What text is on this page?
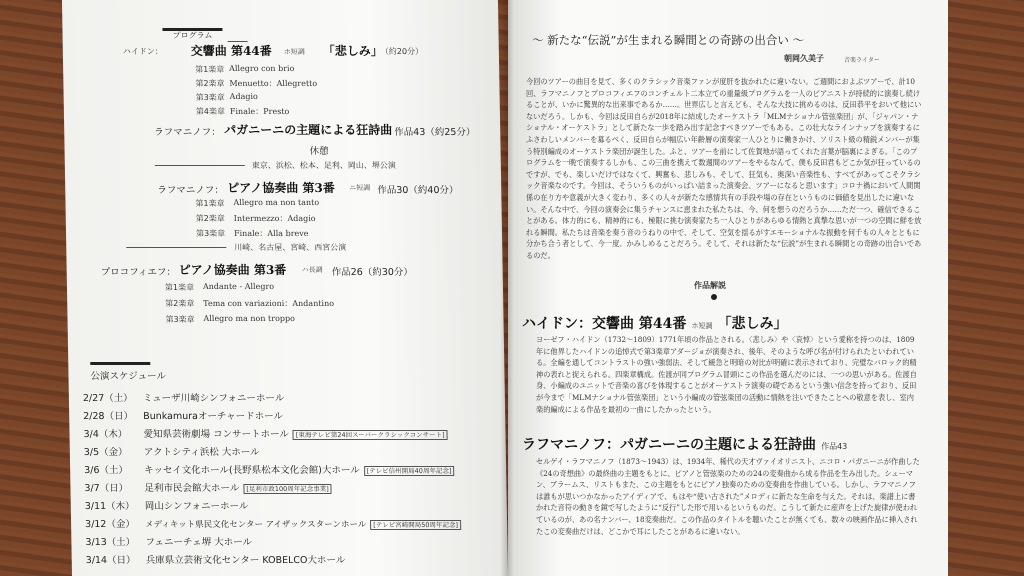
プログラム
ハイドン： 交響曲 第44番 ホ短調 「悲しみ」
（約20分）
第1楽章 Allegro con brio
第2楽章 Menuetto：Allegretto
第3楽章 Adagio
第4楽章 Finale：Presto
ラフマニノフ： パガニーニの主題による狂詩曲 作品43（約25分）
休憩
東京、浜松、松本、足利、岡山、堺公演
ラフマニノフ： ピアノ協奏曲 第3番 ニ短調 作品30（約40分）
第1楽章 Allegro ma non tanto
第2楽章 Intermezzo：Adagio
第3楽章 Finale：Alla breve
川崎、名古屋、宮崎、西宮公演
プロコフィエフ： ピアノ協奏曲 第3番 ハ長調 作品26（約30分）
第1楽章 Andante - Allegro
第2楽章 Tema con variazioni：Andantino
第3楽章 Allegro ma non troppo
公演スケジュール
2/27（土） ミューザ川崎シンフォニーホール
2/28（日） Bunkamuraオーチャードホール
3/4（木） 愛知県芸術劇場 コンサートホール [東海テレビ第24回スーパークラシックコンサート]
3/5（金） アクトシティ浜松 大ホール
3/6（土） キッセイ文化ホール(長野県松本文化会館)大ホール [テレビ信州開局40周年記念]
3/7（日） 足利市民会館大ホール [足利市政100周年記念事業]
3/11（木） 岡山シンフォニーホール
3/12（金） メディキット県民文化センター アイザックスターンホール [テレビ宮崎開局50周年記念]
3/13（土） フェニーチェ堺 大ホール
3/14（日） 兵庫県立芸術文化センター KOBELCO大ホール
～ 新たな“伝説”が生まれる瞬間との奇跡の出合い ～
朝岡久美子	音楽ライター
今回のツアーの曲目を見て、多くのクラシック音楽ファンが度肝を抜かれたに違いない。ご週間におよぶツアーで、計10回、ラフマニノフとプロコフィエフのコンチェルト二本立ての重量級プログラムを一人のピアニストが持続的に演奏し続けることが、いかに驚異的な出来事であるか……。世界広しと言えども、そんな大技に挑めるのは、反田恭平をおいて他にいないだろう。しかも、今回は反田自らが2018年に結成したオーケストラ「MLMナショナル管弦楽団」が、「ジャパン・ナショナル・オーケストラ」として新たな一歩を踏み出す記念すべきツアーでもある。この壮大なラインナップを演奏するにふさわしいメンバーを募るべく、反田自らが幅広い年齢層の演奏家一人ひとりに働きかけ、ソリスト級の精鋭メンバーが集う特別編成のオーケストラ楽団が誕生した。ふと、ツアーを前にして佐賀地が語ってくれた言葉が脳裏によぎる。「このプログラムを一晩で演奏するしかも、この三曲を携えて数週間のツアーをやるなんて、僕も反田君もどこか気が狂っているのですが、でも、楽しいだけではなくて、興奮も、悲しみも、そして、狂気も、奥深い音楽性も、すべてがあってこそクラシック音楽なのです。今回は、そういうものがいっぱい詰まった演奏会、ツアーになると思います」コロナ禍において人間関係の在り方や意義が大きく変わり、多くの人々が新たな感情共有の手段や場の存在というものに価値を見出したに違いない。そんな中で、今回の演奏会に集うチャンスに恵まれた私たちは、今、何を想うのだろうか……ただ一つ、確信できることがある。体力的にも、精神的にも、極限に挑む演奏家たち一人ひとりがあらゆる情熱と真摯な思いが一つの空間に鮮を放れる瞬間。私たちは音楽を奏う音のうねりの中で、そして、空気を揺るがすエモーショナルな振動を何千もの人々とともに分かち合う者として、今一度、かみしめることだろう。そして、それは新たな“伝説”が生まれる瞬間との奇跡の出合いであるのだ。
作品解説
ハイドン：交響曲 第44番 ホ短調 「悲しみ」
ヨーゼフ・ハイドン（1732～1809）1771年頃の作品とされる。〈悲しみ〉や〈哀悼〉という愛称を持つのは、1809年に他界したハイドンの追悼式で第3楽章アダージョが演奏され、後年、そのような呼び名が付けられたといわれている。全編を通してコントラストの強い強弱法、そして緩急と明暗の対比が明確に表示されており、完璧なバロック的精神の表れと捉えられる。四楽章構成。佐渡が同プログラム冒頭にこの作品を選んだのには、一つの思いがある。佐渡自身、小編成のユニットで音楽の喜びを体現することがオーケストラ演奏の礎であるという強い信念を持っており、反田が今まで「MLMナショナル管弦楽団」という小編成の管弦楽団の活動に情熱を注いできたことへの敬意を表し、室内楽的編成による作品を最初の一曲にしたかったという。
ラフマニノフ：パガニーニの主題による狂詩曲 作品43
セルゲイ・ラフマニノフ（1873～1943）は、1934年、稀代の天才ヴァイオリニスト、ニコロ・パガニーニが作曲した《24の奇想曲》の最終曲の主題をもとに、ピアノと管弦楽のための24の変奏曲から成る作品を生み出した。シューマン、ブラームス、リストもまた、この主題をもとにピアノ独奏のための変奏曲を作曲している。しかし、ラフマニノフは誰もが思いつかなかったアイディアで、もはや“使い古された”メロディに新たな生命を与えた。それは、楽譜上に書かれた音符の動きを鏡で写したように“反行”した形で用いるというものだ。こうして新たに産声を上げた旋律が使われているのが、あの名ナンバー、18変奏曲だ。この作品のタイトルを聴いたことが無くても、数々の映画作品に挿入されたこの変奏曲だけは、どこかで耳にしたことがあるに違いない。
